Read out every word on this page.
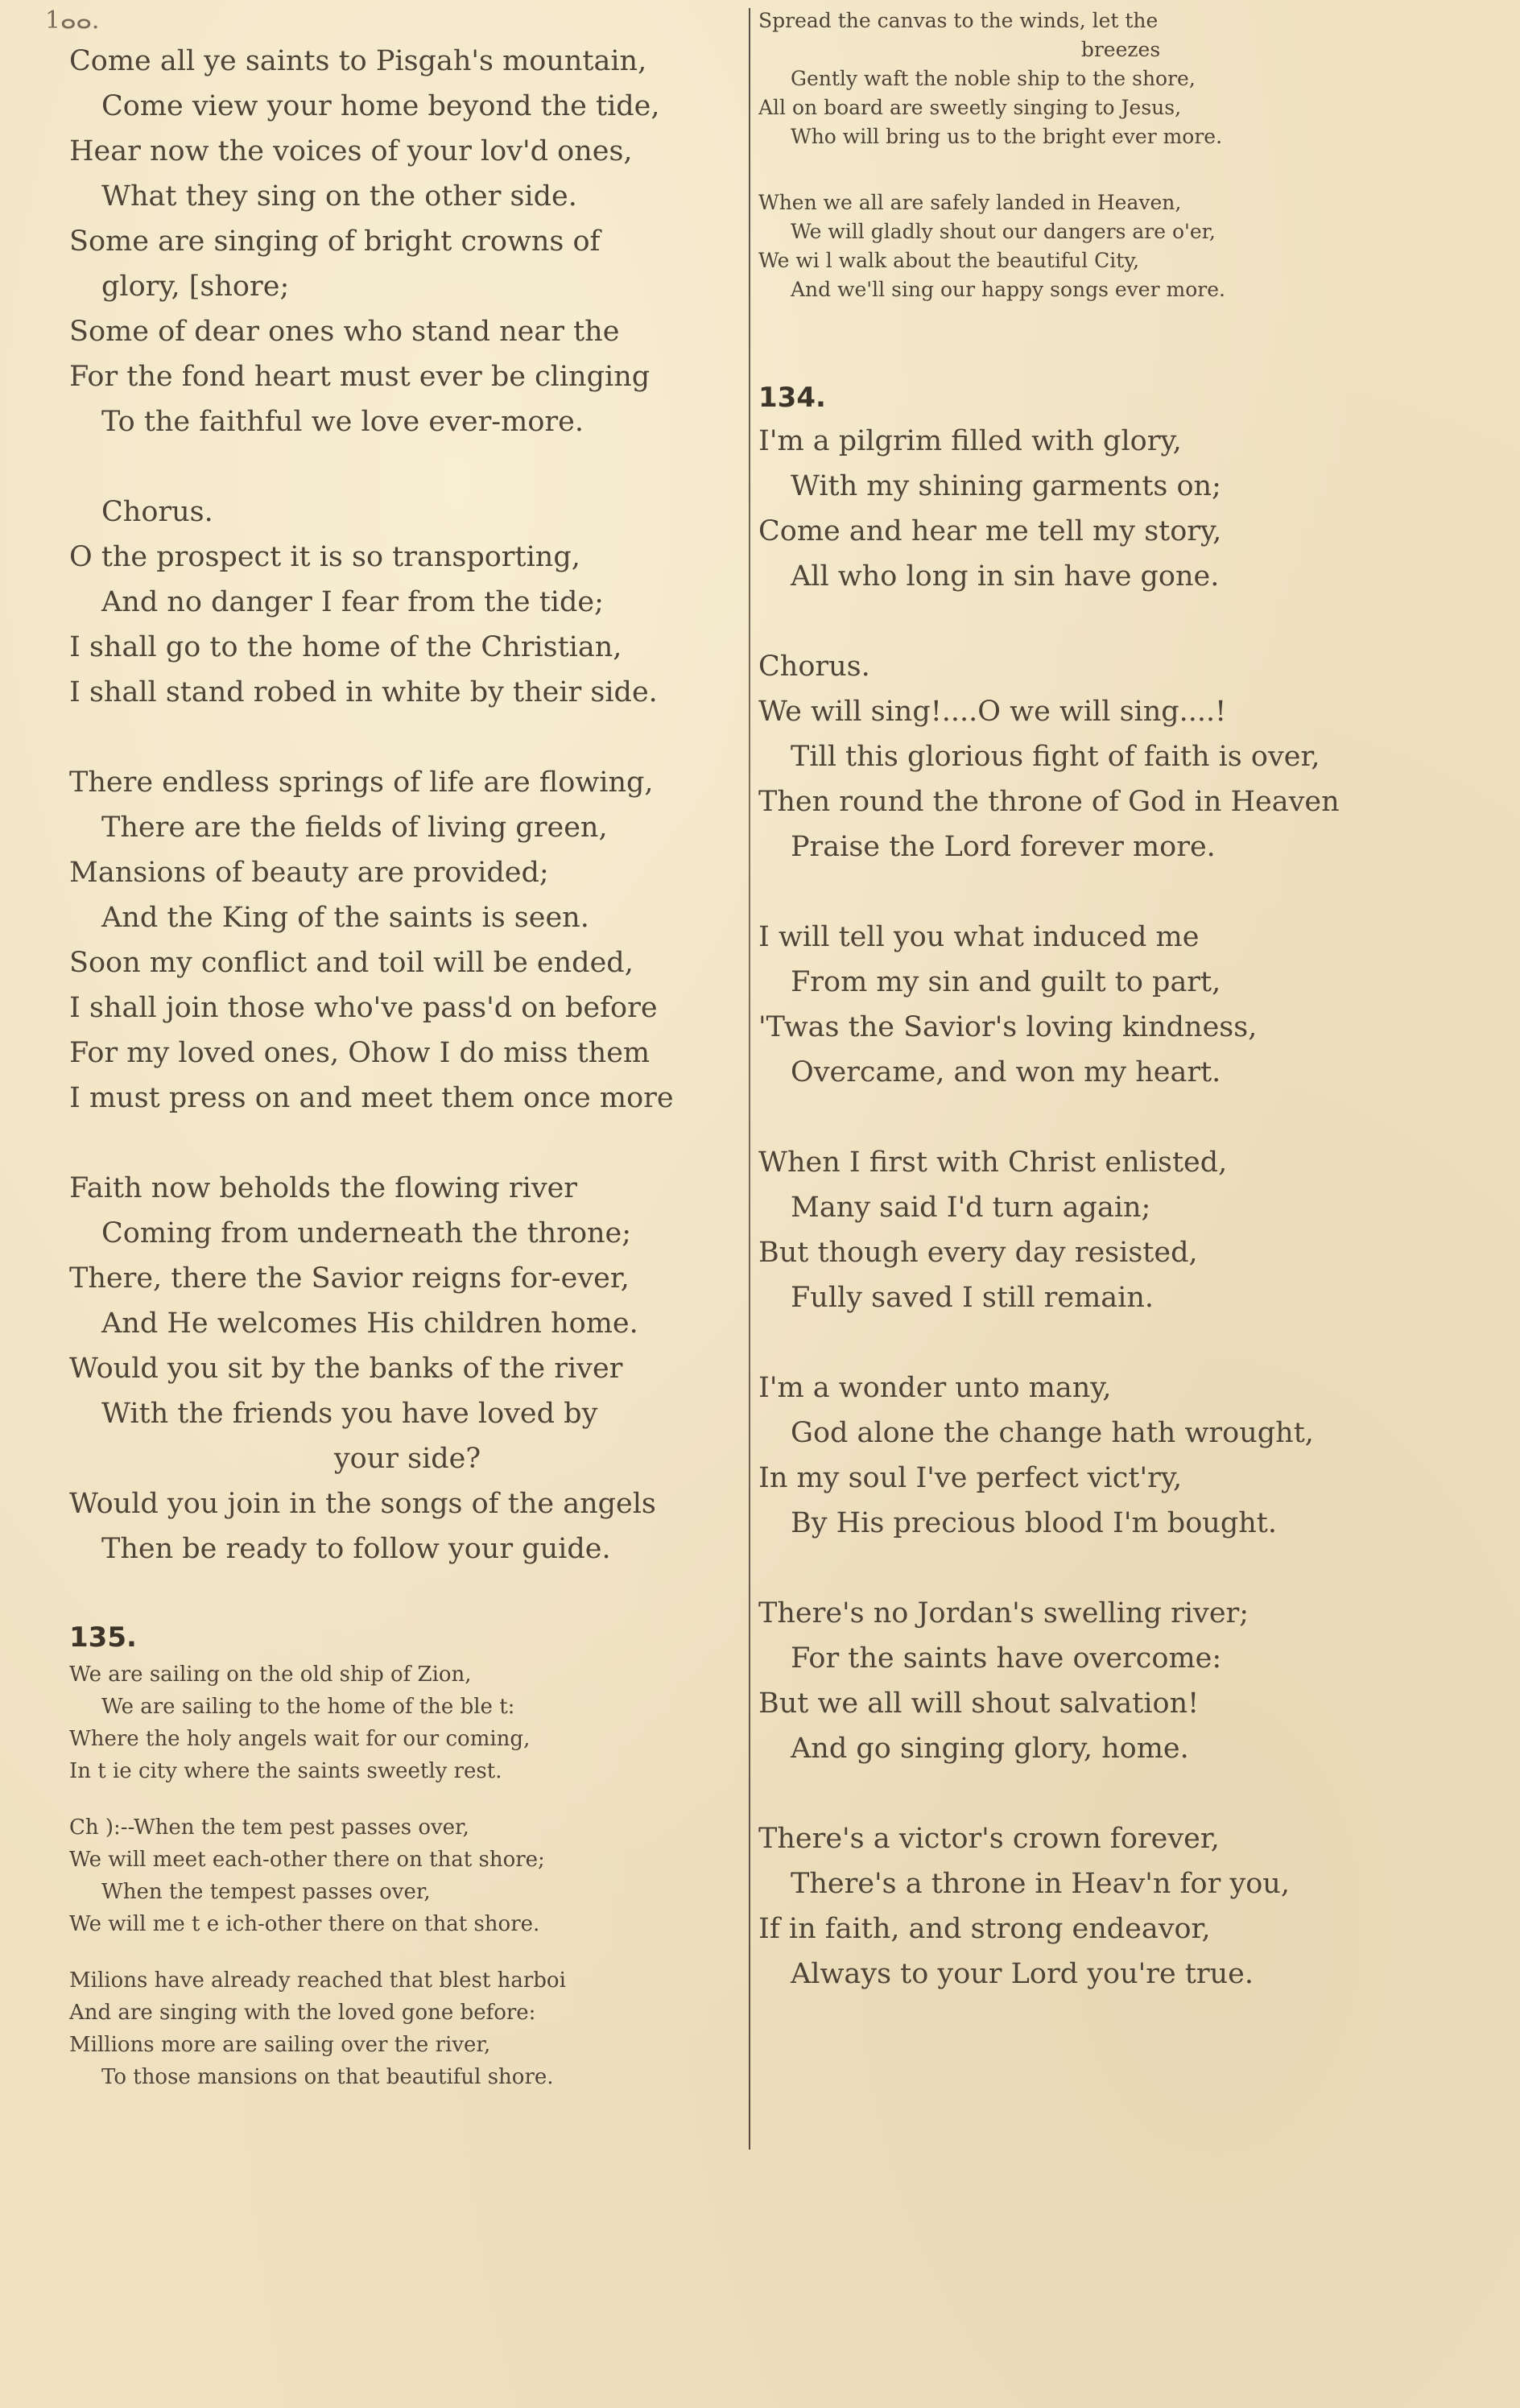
1ⴰⴰ.
Come all ye saints to Pisgah's mountain,
Come view your home beyond the tide,
Hear now the voices of your lov'd ones,
What they sing on the other side.
Some are singing of bright crowns of
glory, [shore;
Some of dear ones who stand near the
For the fond heart must ever be clinging
To the faithful we love ever-more.
Chorus.
O the prospect it is so transporting,
And no danger I fear from the tide;
I shall go to the home of the Christian,
I shall stand robed in white by their side.
There endless springs of life are flowing,
There are the fields of living green,
Mansions of beauty are provided;
And the King of the saints is seen.
Soon my conflict and toil will be ended,
I shall join those who've pass'd on before
For my loved ones, Ohow I do miss them
I must press on and meet them once more
Faith now beholds the flowing river
Coming from underneath the throne;
There, there the Savior reigns for-ever,
And He welcomes His children home.
Would you sit by the banks of the river
With the friends you have loved by
your side?
Would you join in the songs of the angels
Then be ready to follow your guide.
135.
We are sailing on the old ship of Zion,
We are sailing to the home of the ble t:
Where the holy angels wait for our coming,
In t ie city where the saints sweetly rest.
Ch ):--When the tem pest passes over,
We will meet each-other there on that shore;
When the tempest passes over,
We will me t e ich-other there on that shore.
Milions have already reached that blest harboi
And are singing with the loved gone before:
Millions more are sailing over the river,
To those mansions on that beautiful shore.
Spread the canvas to the winds, let the
breezes
Gently waft the noble ship to the shore,
All on board are sweetly singing to Jesus,
Who will bring us to the bright ever more.
When we all are safely landed in Heaven,
We will gladly shout our dangers are o'er,
We wi l walk about the beautiful City,
And we'll sing our happy songs ever more.
134.
I'm a pilgrim filled with glory,
With my shining garments on;
Come and hear me tell my story,
All who long in sin have gone.
Chorus.
We will sing!....O we will sing....!
Till this glorious fight of faith is over,
Then round the throne of God in Heaven
Praise the Lord forever more.
I will tell you what induced me
From my sin and guilt to part,
'Twas the Savior's loving kindness,
Overcame, and won my heart.
When I first with Christ enlisted,
Many said I'd turn again;
But though every day resisted,
Fully saved I still remain.
I'm a wonder unto many,
God alone the change hath wrought,
In my soul I've perfect vict'ry,
By His precious blood I'm bought.
There's no Jordan's swelling river;
For the saints have overcome:
But we all will shout salvation!
And go singing glory, home.
There's a victor's crown forever,
There's a throne in Heav'n for you,
If in faith, and strong endeavor,
Always to your Lord you're true.
